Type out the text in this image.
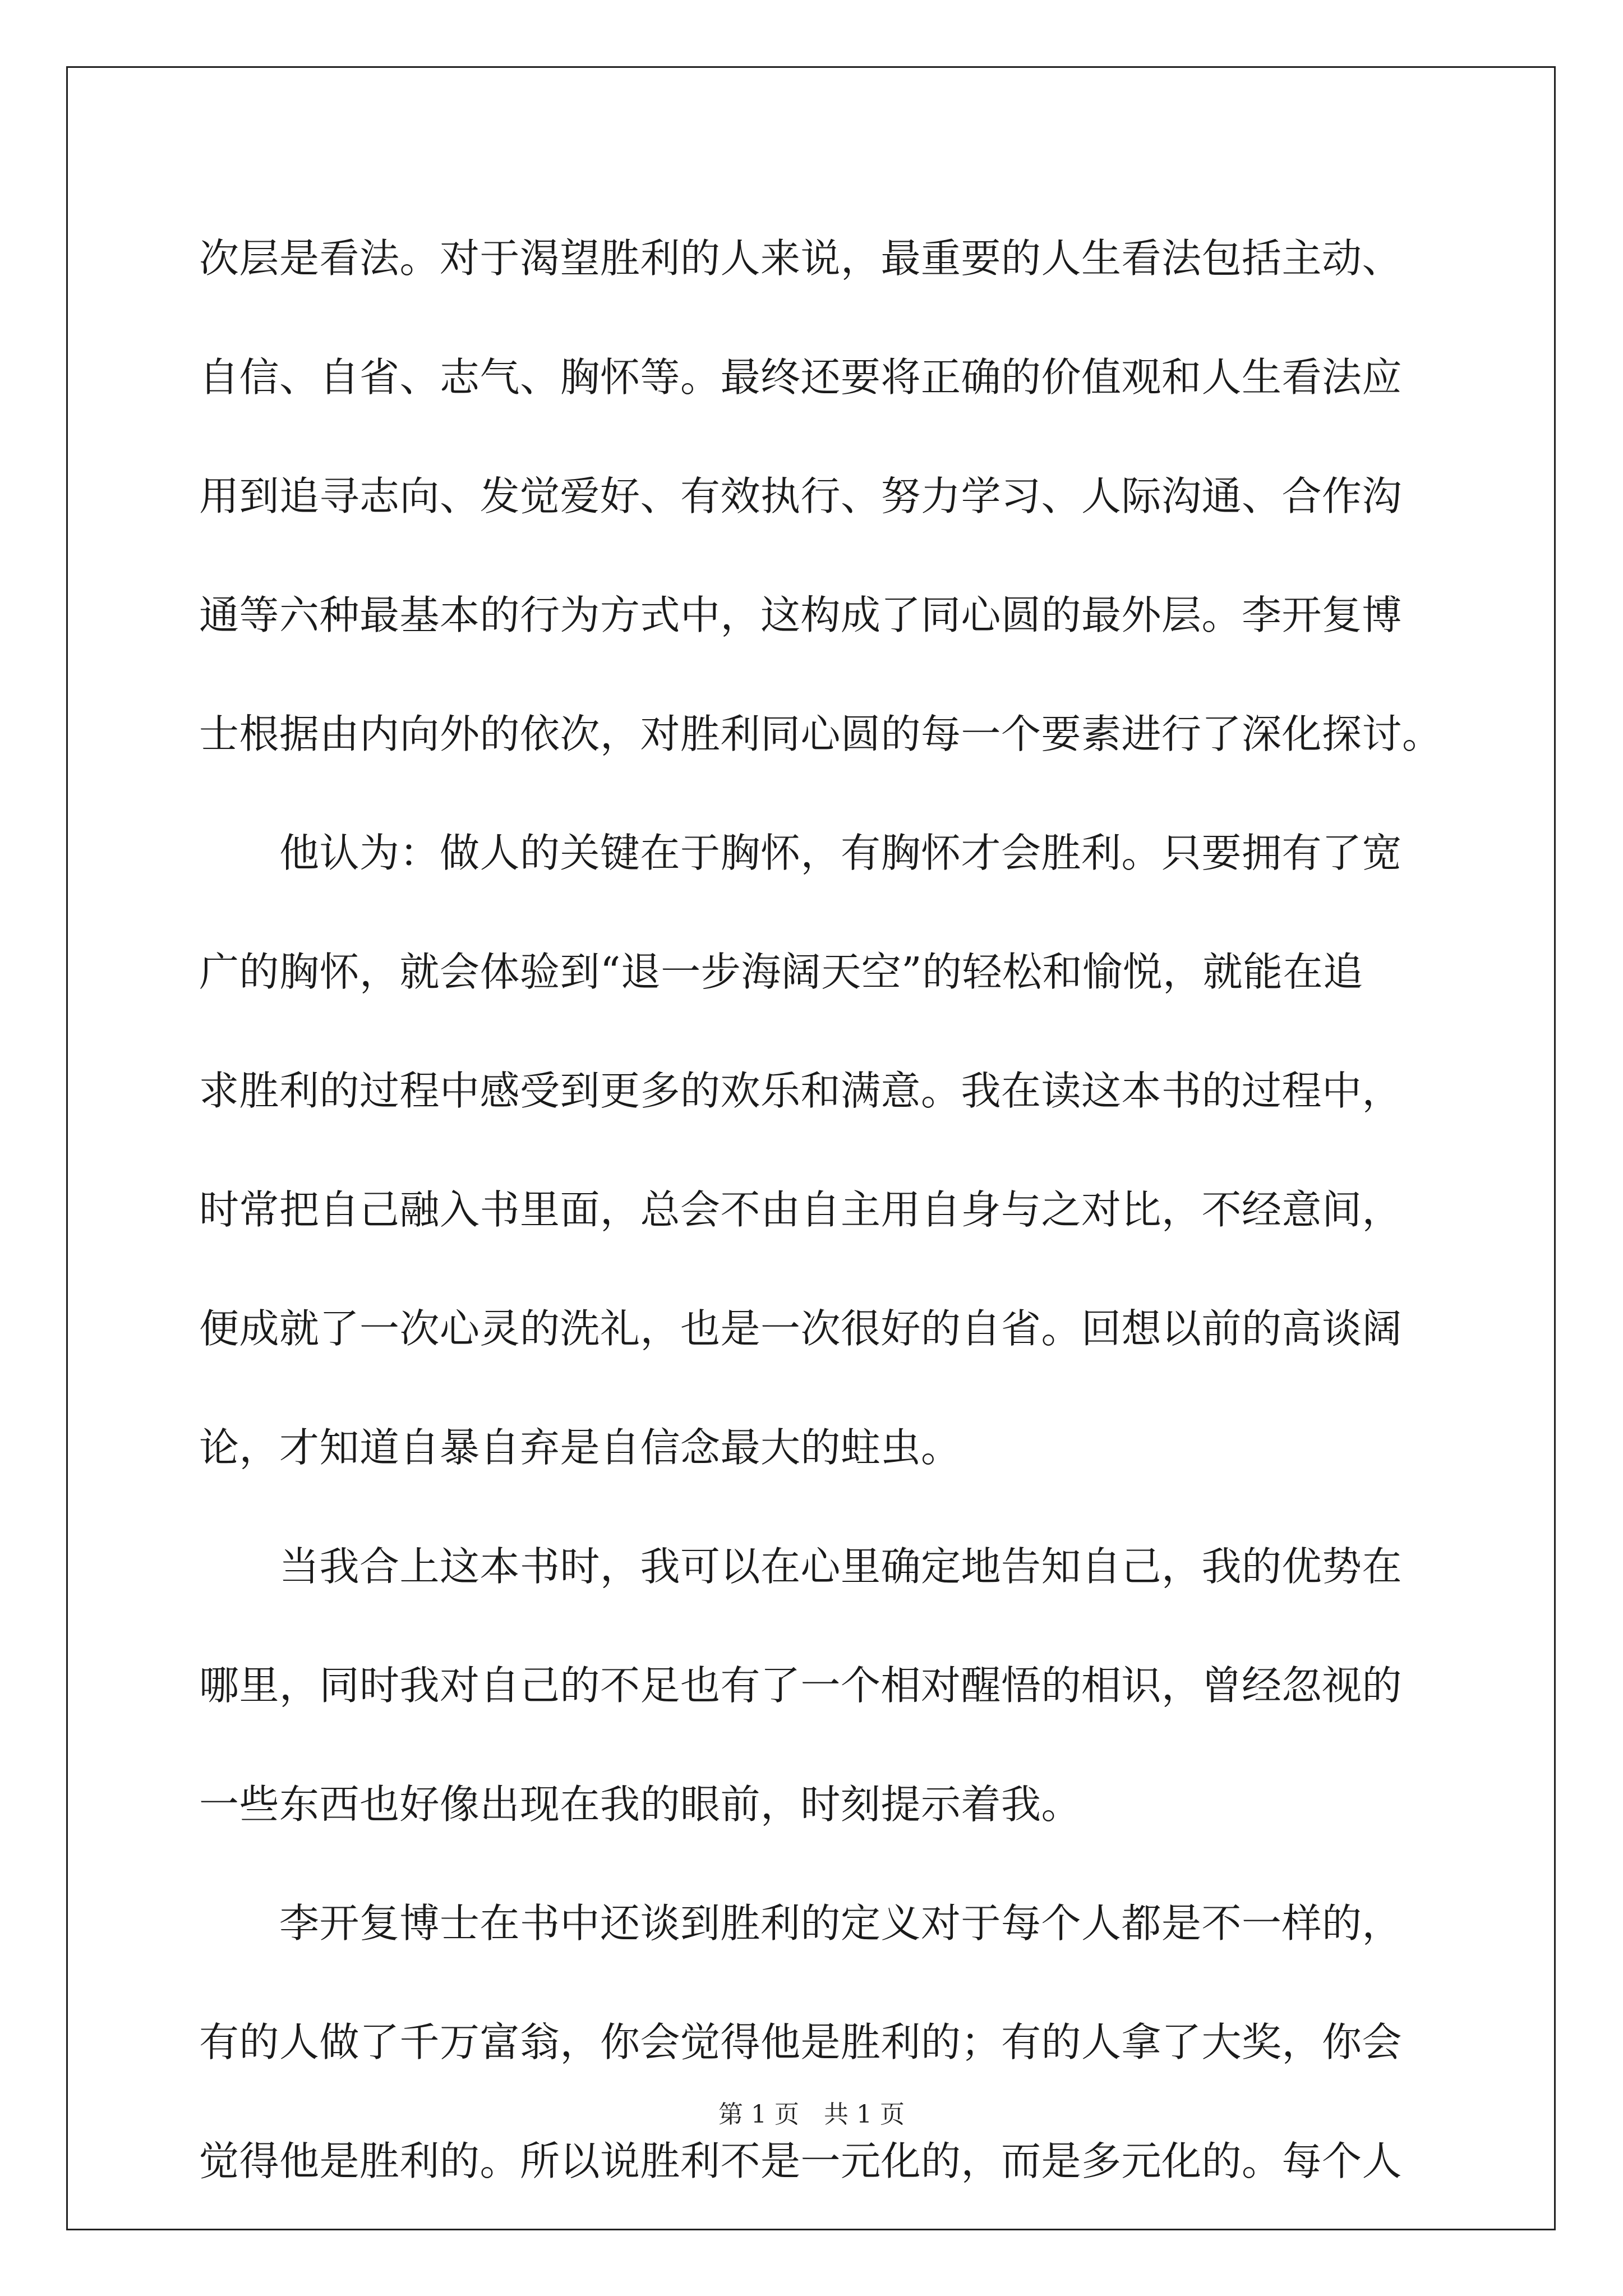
次层是看法。对于渴望胜利的人来说，最重要的人生看法包括主动、
自信、自省、志气、胸怀等。最终还要将正确的价值观和人生看法应
用到追寻志向、发觉爱好、有效执行、努力学习、人际沟通、合作沟
通等六种最基本的行为方式中，这构成了同心圆的最外层。李开复博
士根据由内向外的依次，对胜利同心圆的每一个要素进行了深化探讨。
　　他认为：做人的关键在于胸怀，有胸怀才会胜利。只要拥有了宽
广的胸怀，就会体验到“退一步海阔天空”的轻松和愉悦，就能在追
求胜利的过程中感受到更多的欢乐和满意。我在读这本书的过程中，
时常把自己融入书里面，总会不由自主用自身与之对比，不经意间，
便成就了一次心灵的洗礼，也是一次很好的自省。回想以前的高谈阔
论，才知道自暴自弃是自信念最大的蛀虫。
　　当我合上这本书时，我可以在心里确定地告知自己，我的优势在
哪里，同时我对自己的不足也有了一个相对醒悟的相识，曾经忽视的
一些东西也好像出现在我的眼前，时刻提示着我。
　　李开复博士在书中还谈到胜利的定义对于每个人都是不一样的，
有的人做了千万富翁，你会觉得他是胜利的；有的人拿了大奖，你会
觉得他是胜利的。所以说胜利不是一元化的，而是多元化的。每个人
第 1 页 共 1 页
